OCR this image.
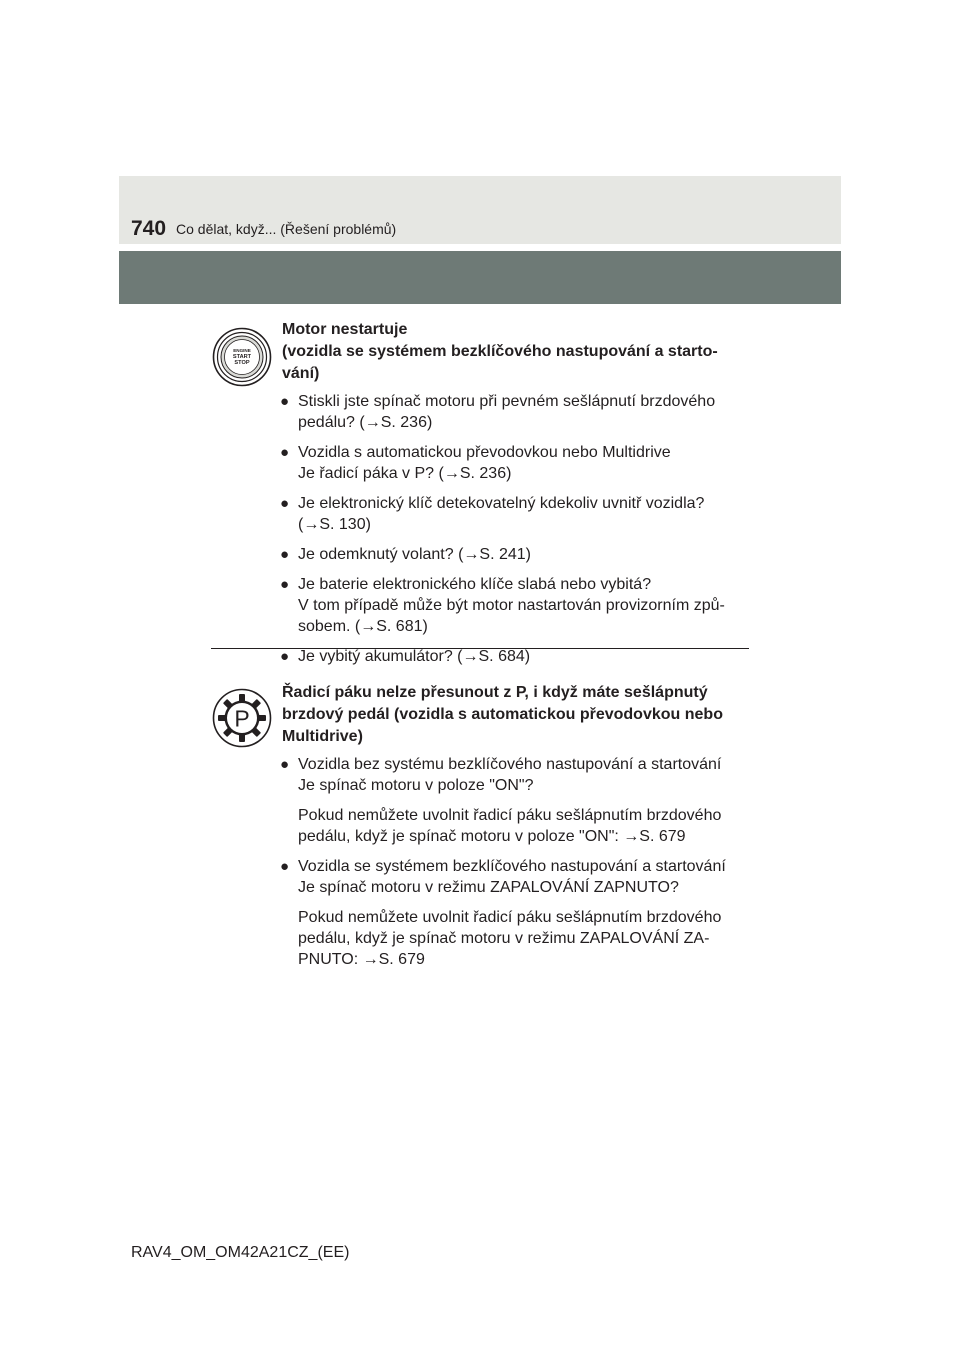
740 Co dělat, když... (Řešení problémů)
ENGINE
START
STOP

Motor nestartuje
(vozidla se systémem bezklíčového nastupování a starto-
vání)

● Stiskli jste spínač motoru při pevném sešlápnutí brzdového
pedálu? (→S. 236)
● Vozidla s automatickou převodovkou nebo Multidrive
Je řadicí páka v P? (→S. 236)
● Je elektronický klíč detekovatelný kdekoliv uvnitř vozidla?
(→S. 130)
● Je odemknutý volant? (→S. 241)
● Je baterie elektronického klíče slabá nebo vybitá?
V tom případě může být motor nastartován provizorním způ-
sobem. (→S. 681)
● Je vybitý akumulátor? (→S. 684)
P

Řadicí páku nelze přesunout z P, i když máte sešlápnutý
brzdový pedál (vozidla s automatickou převodovkou nebo
Multidrive)

● Vozidla bez systému bezklíčového nastupování a startování
Je spínač motoru v poloze "ON"?
Pokud nemůžete uvolnit řadicí páku sešlápnutím brzdového
pedálu, když je spínač motoru v poloze "ON": →S. 679
● Vozidla se systémem bezklíčového nastupování a startování
Je spínač motoru v režimu ZAPALOVÁNÍ ZAPNUTO?
Pokud nemůžete uvolnit řadicí páku sešlápnutím brzdového
pedálu, když je spínač motoru v režimu ZAPALOVÁNÍ ZA-
PNUTO: →S. 679
RAV4_OM_OM42A21CZ_(EE)
